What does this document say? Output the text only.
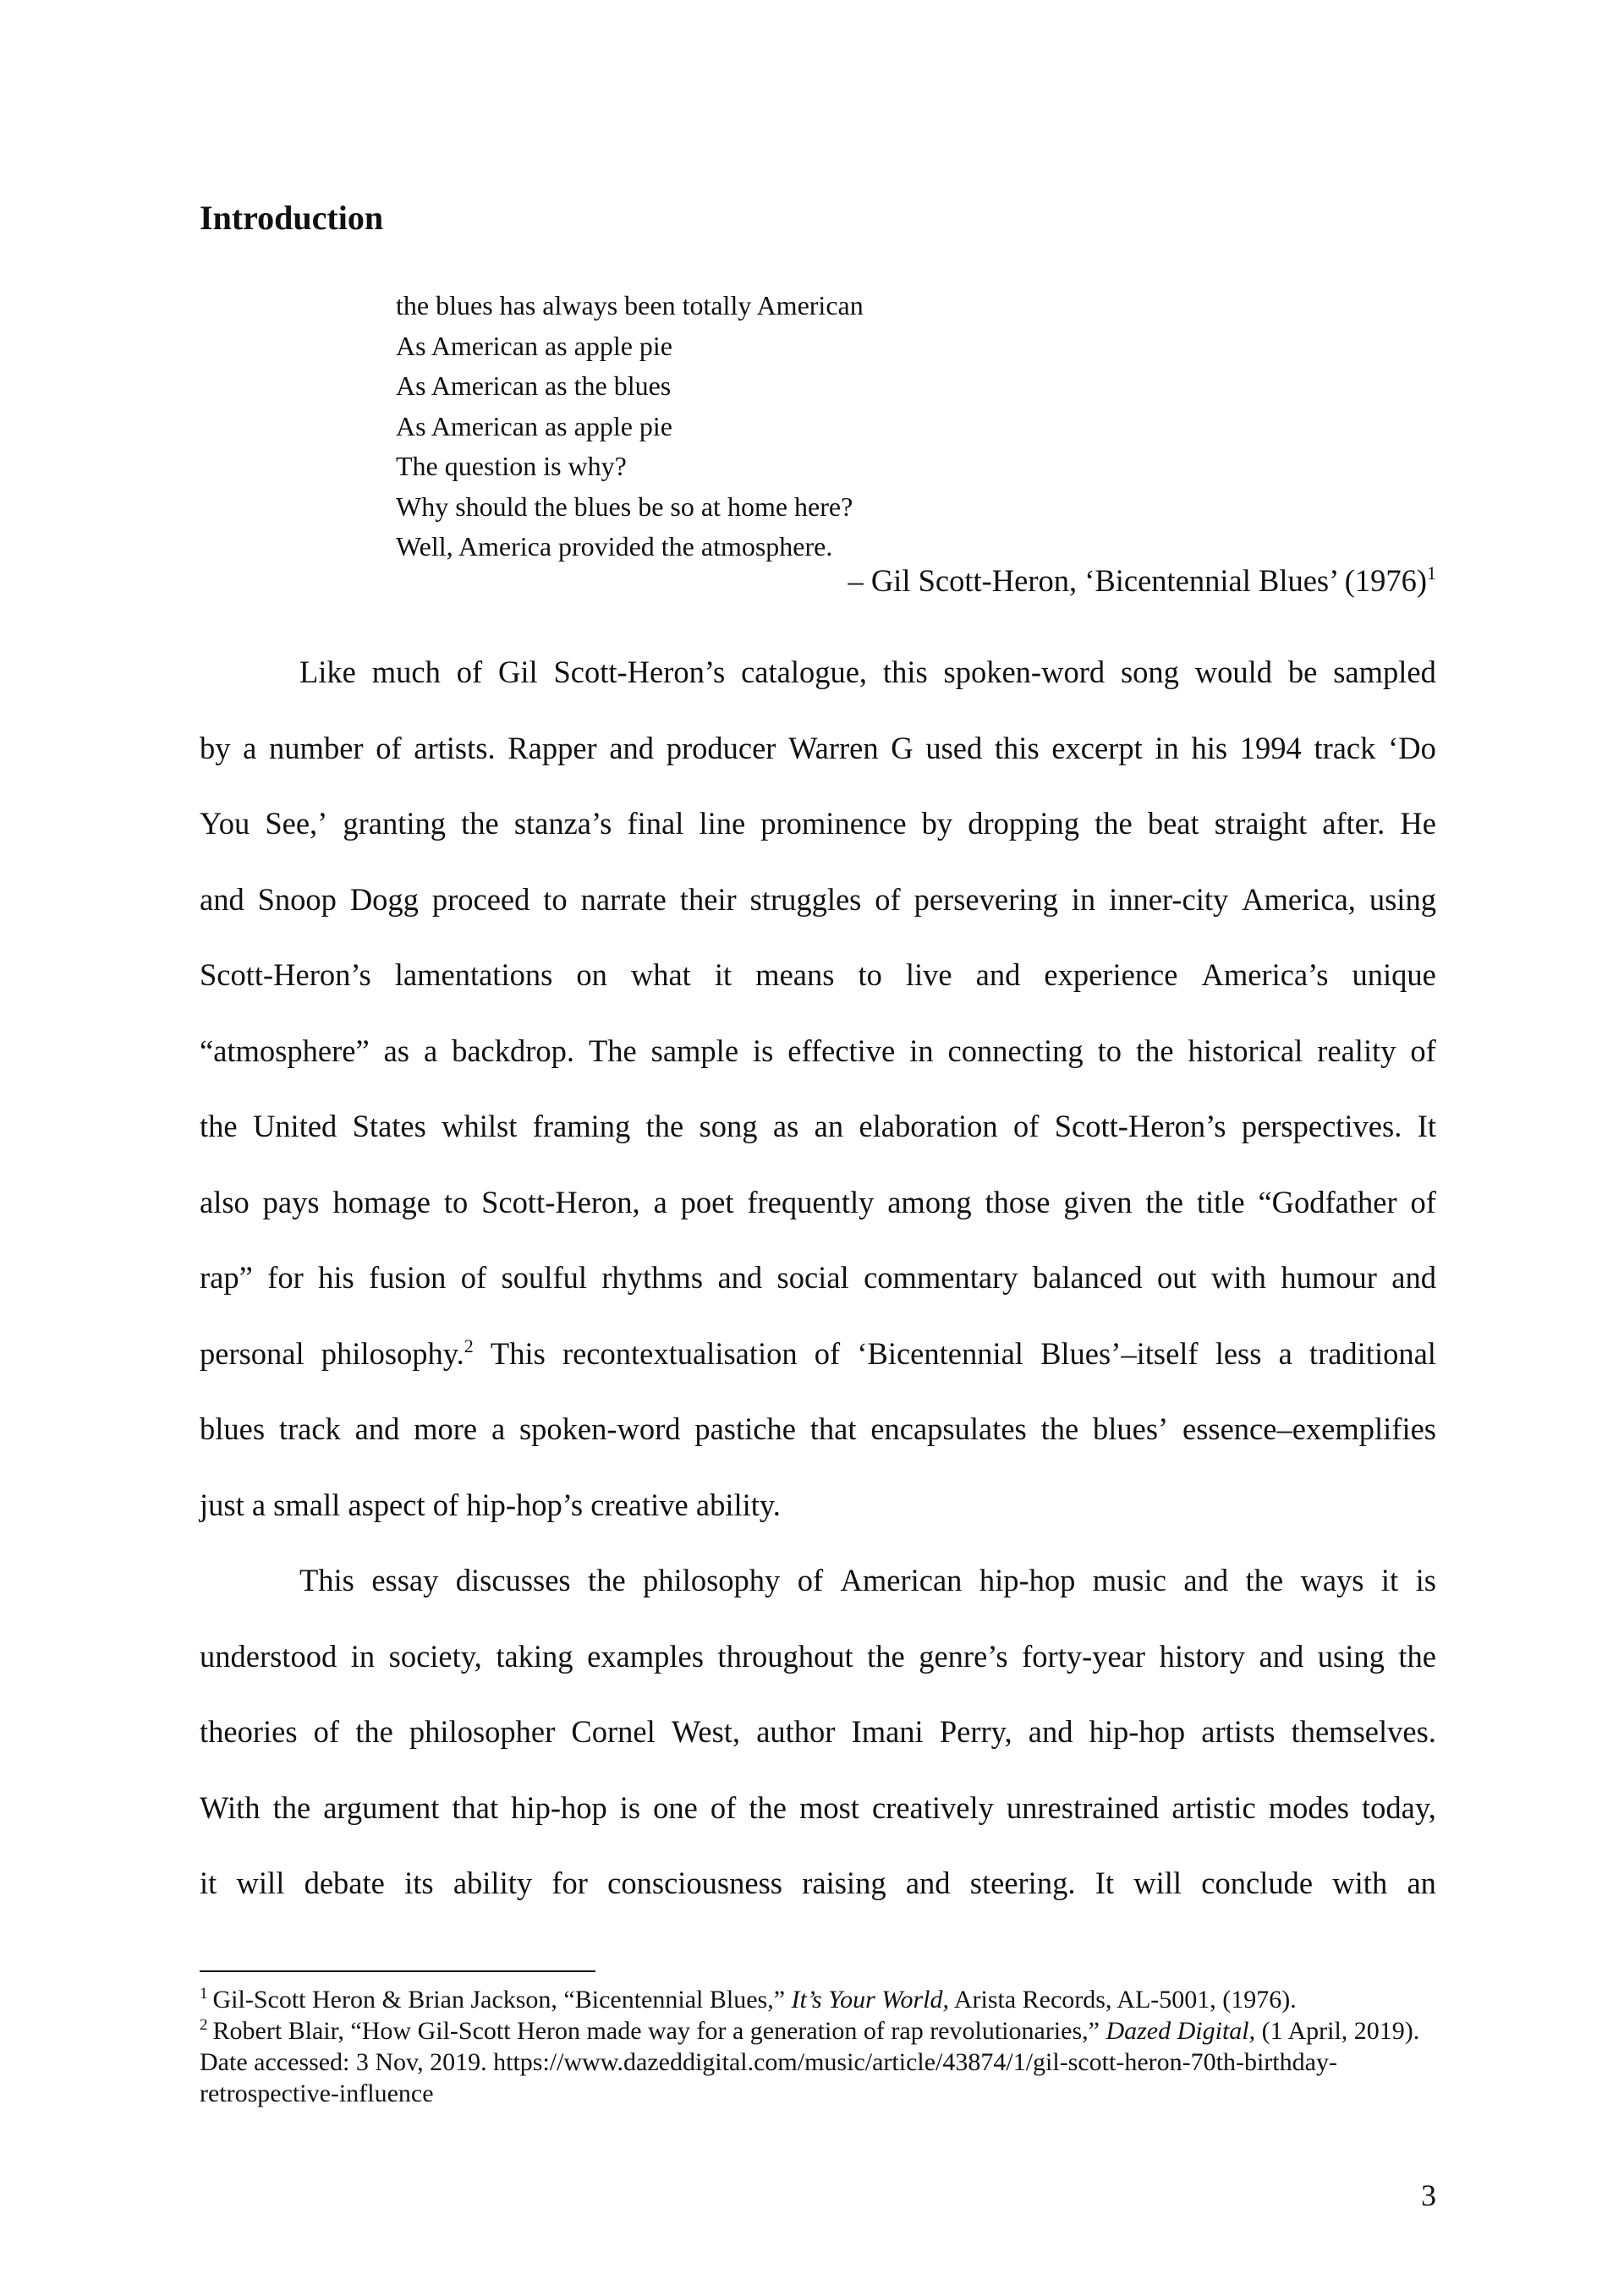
Introduction
the blues has always been totally American
As American as apple pie
As American as the blues
As American as apple pie
The question is why?
Why should the blues be so at home here?
Well, America provided the atmosphere.
– Gil Scott-Heron, ‘Bicentennial Blues’ $(1976)^1$
Like much of Gil Scott-Heron’s catalogue, this spoken-word song would be sampled
by a number of artists. Rapper and producer Warren G used this excerpt in his 1994 track ‘Do
You See,’ granting the stanza’s final line prominence by dropping the beat straight after. He
and Snoop Dogg proceed to narrate their struggles of persevering in inner-city America, using
Scott-Heron’s lamentations on what it means to live and experience America’s unique
“atmosphere” as a backdrop. The sample is effective in connecting to the historical reality of
the United States whilst framing the song as an elaboration of Scott-Heron’s perspectives. It
also pays homage to Scott-Heron, a poet frequently among those given the title “Godfather of
rap” for his fusion of soulful rhythms and social commentary balanced out with humour and
personal philosophy.$^2$ This recontextualisation of ‘Bicentennial Blues’–itself less a traditional
blues track and more a spoken-word pastiche that encapsulates the blues’ essence–exemplifies
just a small aspect of hip-hop’s creative ability.
This essay discusses the philosophy of American hip-hop music and the ways it is
understood in society, taking examples throughout the genre’s forty-year history and using the
theories of the philosopher Cornel West, author Imani Perry, and hip-hop artists themselves.
With the argument that hip-hop is one of the most creatively unrestrained artistic modes today,
it will debate its ability for consciousness raising and steering. It will conclude with an

$^1$ Gil-Scott Heron & Brian Jackson, “Bicentennial Blues,” It’s Your World, Arista Records, AL-5001, (1976).

$^2$ Robert Blair, “How Gil-Scott Heron made way for a generation of rap revolutionaries,” Dazed Digital, (1 April, 2019). Date accessed: 3 Nov, 2019. https://www.dazeddigital.com/music/article/43874/1/gil-scott-heron-70th-birthday-retrospective-influence

3
